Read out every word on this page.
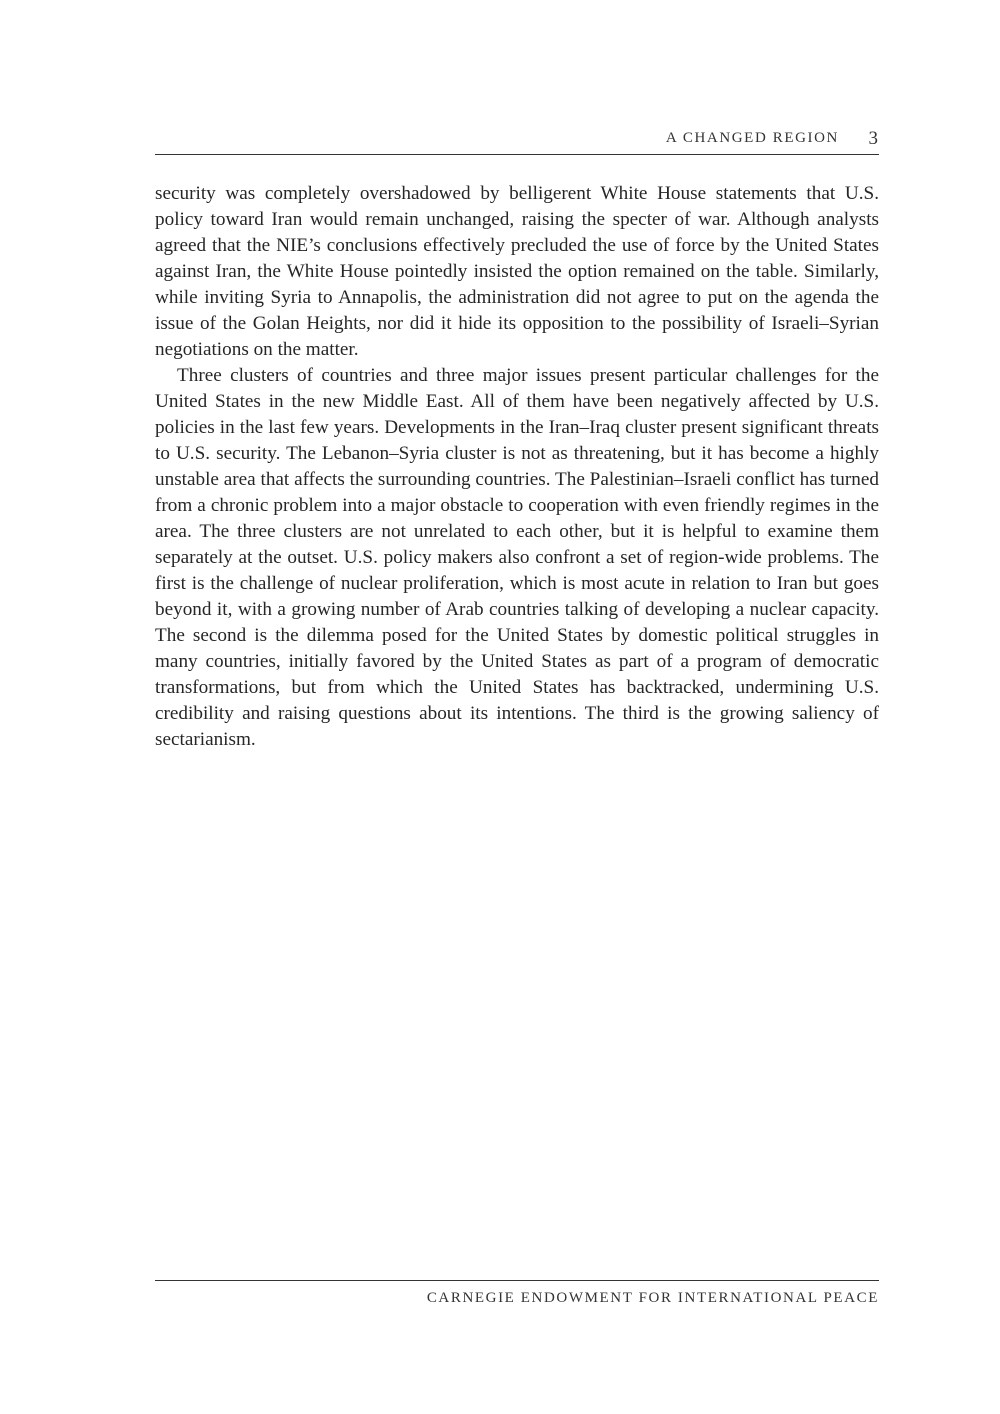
A CHANGED REGION 3

security was completely overshadowed by belligerent White House statements that U.S. policy toward Iran would remain unchanged, raising the specter of war. Although analysts agreed that the NIE’s conclusions effectively precluded the use of force by the United States against Iran, the White House pointedly insisted the option remained on the table. Similarly, while inviting Syria to Annapolis, the administration did not agree to put on the agenda the issue of the Golan Heights, nor did it hide its opposition to the possibility of Israeli–Syrian negotiations on the matter.

Three clusters of countries and three major issues present particular challenges for the United States in the new Middle East. All of them have been negatively affected by U.S. policies in the last few years. Developments in the Iran–Iraq cluster present significant threats to U.S. security. The Lebanon–Syria cluster is not as threatening, but it has become a highly unstable area that affects the surrounding countries. The Palestinian–Israeli conflict has turned from a chronic problem into a major obstacle to cooperation with even friendly regimes in the area. The three clusters are not unrelated to each other, but it is helpful to examine them separately at the outset. U.S. policy makers also confront a set of region-wide problems. The first is the challenge of nuclear proliferation, which is most acute in relation to Iran but goes beyond it, with a growing number of Arab countries talking of developing a nuclear capacity. The second is the dilemma posed for the United States by domestic political struggles in many countries, initially favored by the United States as part of a program of democratic transformations, but from which the United States has backtracked, undermining U.S. credibility and raising questions about its intentions. The third is the growing saliency of sectarianism.

CARNEGIE ENDOWMENT FOR INTERNATIONAL PEACE
